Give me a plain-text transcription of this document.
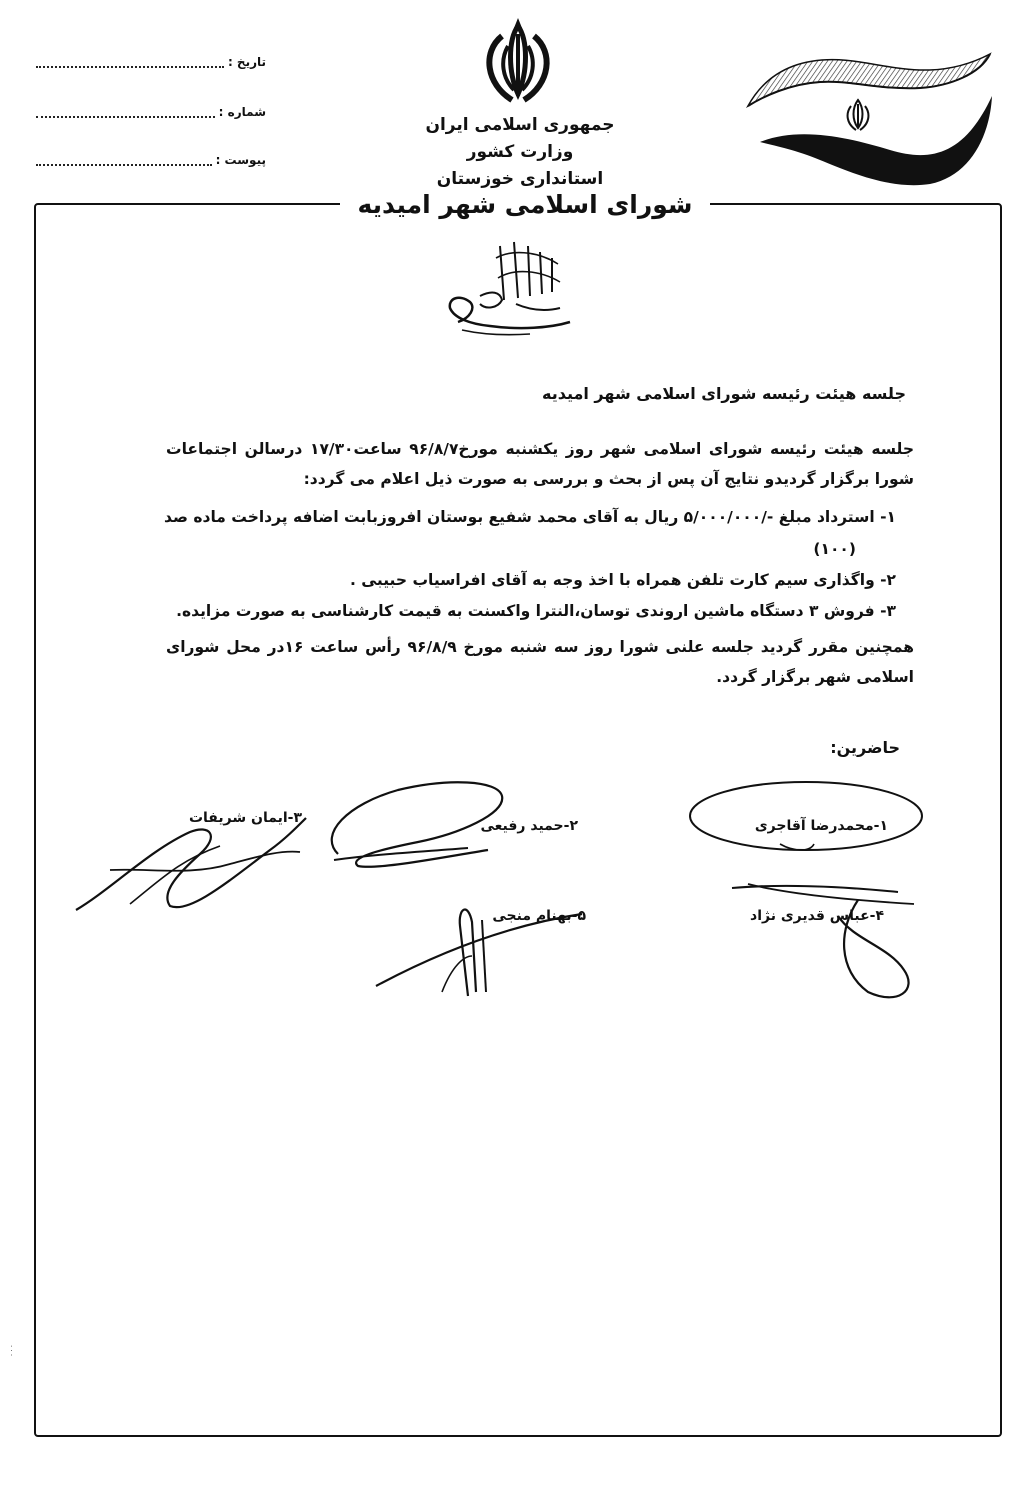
تاریخ :
شماره :
پیوست :
جمهوری اسلامی ایران
وزارت کشور
استانداری خوزستان
شورای اسلامی شهر امیدیه
جلسه هیئت رئیسه شورای اسلامی شهر امیدیه
جلسه هیئت رئیسه شورای اسلامی شهر روز یکشنبه مورخ۹۶/۸/۷ ساعت۱۷/۳۰ درسالن اجتماعات شورا برگزار گردیدو نتایج آن پس از بحث و بررسی به صورت ذیل اعلام می گردد:
۱- استرداد مبلغ -/۵/۰۰۰/۰۰۰ ریال به آقای محمد شفیع بوستان افروزبابت اضافه پرداخت ماده صد
(۱۰۰)
۲- واگذاری سیم کارت تلفن همراه با اخذ وجه به آقای افراسیاب حبیبی .
۳- فروش ۳ دستگاه ماشین اروندی توسان،النترا واکسنت به قیمت کارشناسی به صورت مزایده.
همچنین مقرر گردید جلسه علنی شورا روز سه شنبه مورخ ۹۶/۸/۹ رأس ساعت ۱۶در محل شورای اسلامی شهر برگزار گردد.
حاضرین:
۱-محمدرضا آقاجری
۲-حمید رفیعی
۳-ایمان شریفات
۴-عباس قدیری نژاد
۵-بهنام منجی
· · ·
